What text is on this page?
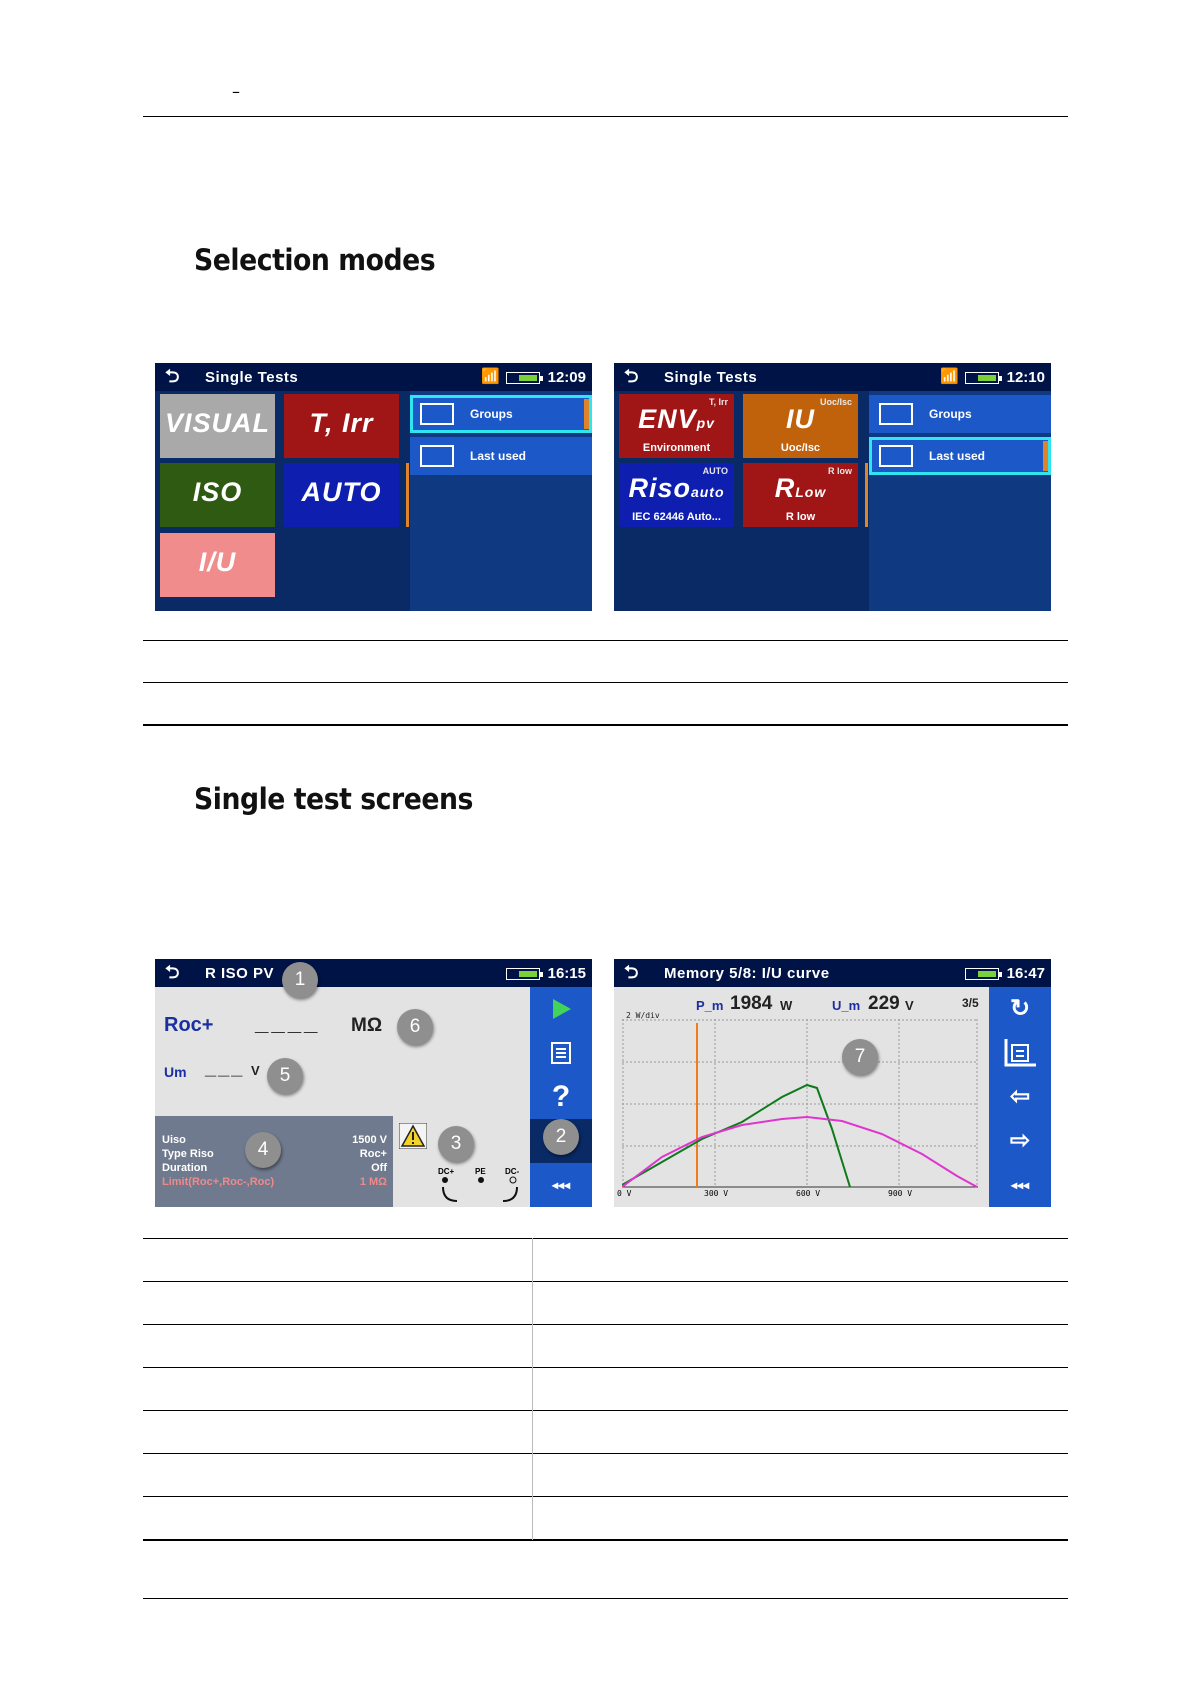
–
Selection modes
⮌ Single Tests	📶	12:09
VISUAL	T, Irr
ISO	AUTO
I/U
Groups
Last used
⮌ Single Tests	📶	12:10
T, Irr
ENVpv
Environment
Uoc/Isc
IU
Uoc/Isc
AUTO
Risoauto
IEC 62446 Auto...
R low
RLow
R low
Groups
Last used
Single test screens
⮌ R ISO PV	16:15
Roc+ ____ MΩ
Um ___ V
Uiso	1500 V
Type Riso	Roc+
Duration	Off
Limit(Roc+,Roc-,Roc)	1 MΩ
DC+	PE DC-
?
◂◂◂
1
2
3
4
5
6
⮌ Memory 5/8: I/U curve	16:47
P_m 1984 W	U_m 229 V	3/5
2 W/div
0 V	300 V	600 V	900 V
↻
⇦
⇨
◂◂◂
7
